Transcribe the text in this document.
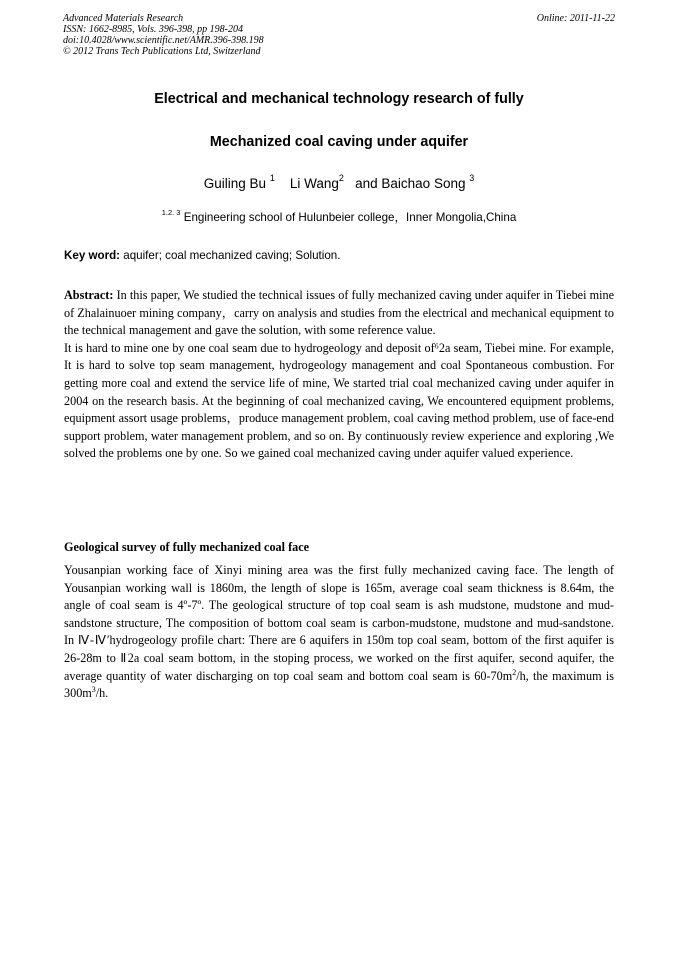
Advanced Materials Research
ISSN: 1662-8985, Vols. 396-398, pp 198-204
doi:10.4028/www.scientific.net/AMR.396-398.198
© 2012 Trans Tech Publications Ltd, Switzerland
Online: 2011-11-22
Electrical and mechanical technology research of fully
Mechanized coal caving under aquifer
Guiling Bu $^1$    Li Wang$^2$   and Baichao Song $^3$
$^{1.2. 3}$ Engineering school of Hulunbeier college，Inner Mongolia,China
Key word: aquifer; coal mechanized caving; Solution.

Abstract: In this paper, We studied the technical issues of fully mechanized caving under aquifer in Tiebei mine of Zhalainuoer mining company，carry on analysis and studies from the electrical and mechanical equipment to the technical management and gave the solution, with some reference value.

It is hard to mine one by one coal seam due to hydrogeology and deposit of⁶2a seam, Tiebei mine. For example, It is hard to solve top seam management, hydrogeology management and coal Spontaneous combustion. For getting more coal and extend the service life of mine, We started trial coal mechanized caving under aquifer in 2004 on the research basis. At the beginning of coal mechanized caving, We encountered equipment problems, equipment assort usage problems，produce management problem, coal caving method problem, use of face-end support problem, water management problem, and so on. By continuously review experience and exploring ,We solved the problems one by one. So we gained coal mechanized caving under aquifer valued experience.

Geological survey of fully mechanized coal face

Yousanpian working face of Xinyi mining area was the first fully mechanized caving face. The length of Yousanpian working wall is 1860m, the length of slope is 165m, average coal seam thickness is 8.64m, the angle of coal seam is 4º-7º. The geological structure of top coal seam is ash mudstone, mudstone and mud-sandstone structure, The composition of bottom coal seam is carbon-mudstone, mudstone and mud-sandstone. In Ⅳ-Ⅳ′hydrogeology profile chart: There are 6 aquifers in 150m top coal seam, bottom of the first aquifer is 26-28m to Ⅱ2a coal seam bottom, in the stoping process, we worked on the first aquifer, second aquifer, the average quantity of water discharging on top coal seam and bottom coal seam is $60-70m^2/h$, the maximum is $300m^3/h$.
